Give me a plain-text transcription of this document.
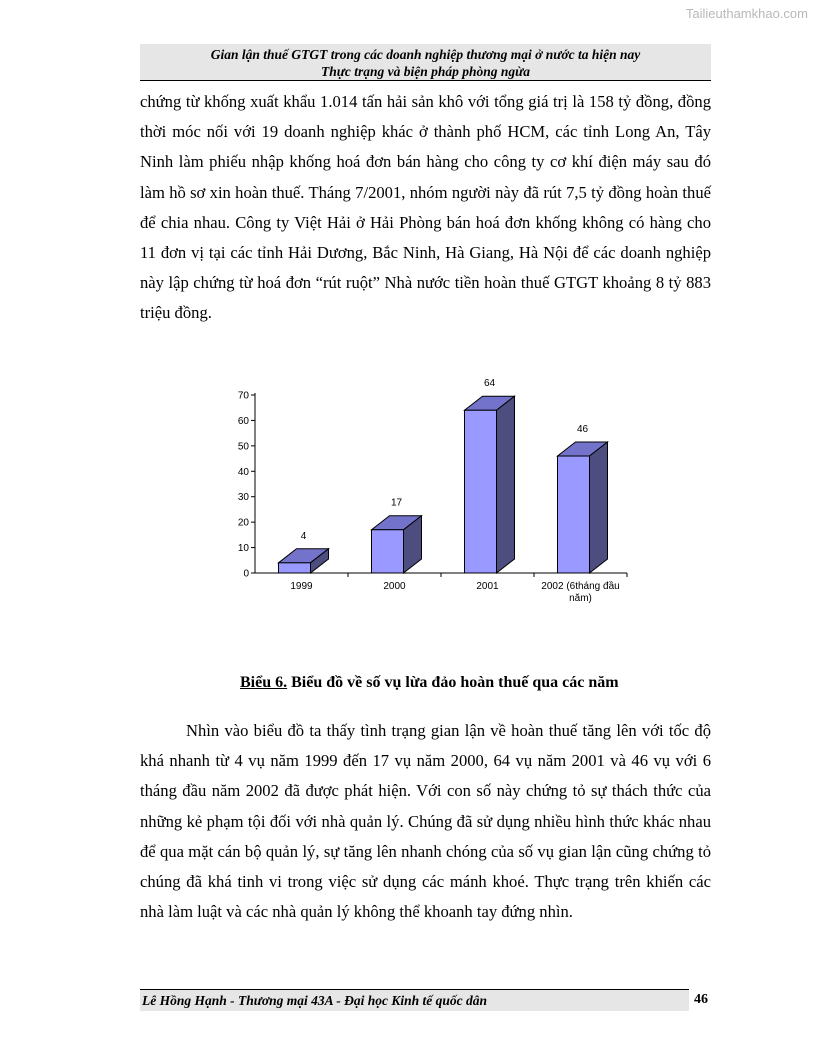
Tailieuthamkhao.com
Gian lận thuế GTGT trong các doanh nghiệp thương mại ở nước ta hiện nay
Thực trạng và biện pháp phòng ngừa
chứng từ khống xuất khẩu 1.014 tấn hải sản khô với tổng giá trị là 158 tỷ đồng, đồng thời móc nối với 19 doanh nghiệp khác ở thành phố HCM, các tỉnh Long An, Tây Ninh làm phiếu nhập khống hoá đơn bán hàng cho công ty cơ khí điện máy sau đó làm hồ sơ xin hoàn thuế. Tháng 7/2001, nhóm người này đã rút 7,5 tỷ đồng hoàn thuế để chia nhau. Công ty Việt Hải ở Hải Phòng bán hoá đơn khống không có hàng cho 11 đơn vị tại các tỉnh Hải Dương, Bắc Ninh, Hà Giang, Hà Nội để các doanh nghiệp này lập chứng từ hoá đơn “rút ruột” Nhà nước tiền hoàn thuế GTGT khoảng 8 tỷ 883 triệu đồng.
0
10
20
30
40
50
60
70
4
1999
17
2000
64
2001
46
2002 (6tháng đầu
năm)
Biểu 6. Biểu đồ về số vụ lừa đảo hoàn thuế qua các năm
Nhìn vào biểu đồ ta thấy tình trạng gian lận về hoàn thuế tăng lên với tốc độ khá nhanh từ 4 vụ năm 1999 đến 17 vụ năm 2000, 64 vụ năm 2001 và 46 vụ với 6 tháng đầu năm 2002 đã được phát hiện. Với con số này chứng tỏ sự thách thức của những kẻ phạm tội đối với nhà quản lý. Chúng đã sử dụng nhiều hình thức khác nhau để qua mặt cán bộ quản lý, sự tăng lên nhanh chóng của số vụ gian lận cũng chứng tỏ chúng đã khá tinh vi trong việc sử dụng các mánh khoé. Thực trạng trên khiến các nhà làm luật và các nhà quản lý không thể khoanh tay đứng nhìn.
Lê Hồng Hạnh - Thương mại 43A - Đại học Kinh tế quốc dân	46
